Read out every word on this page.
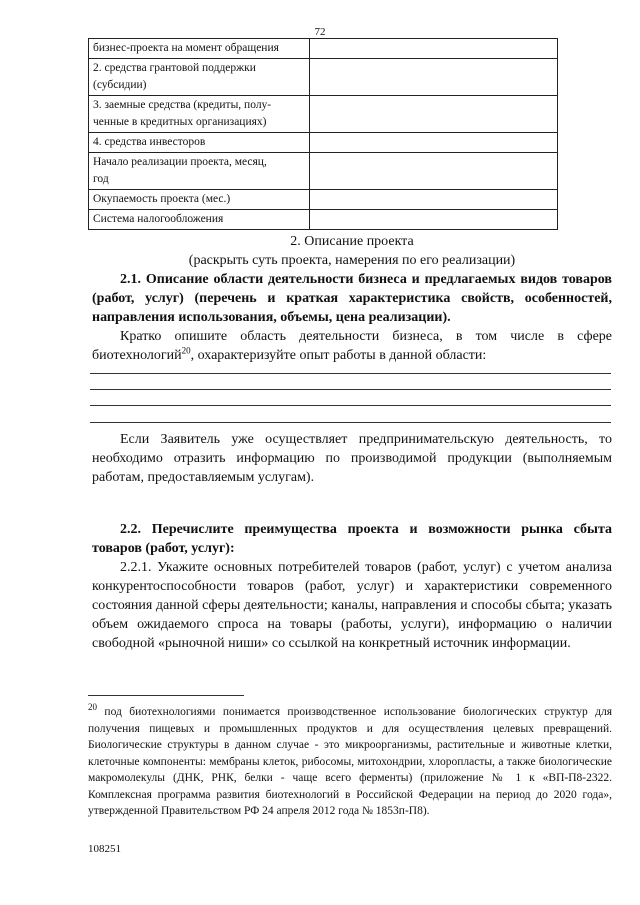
72
бизнес-проекта на момент обращения	
2. средства грантовой поддержки
(субсидии)	
3. заемные средства (кредиты, полу-
ченные в кредитных организациях)	
4. средства инвесторов	
Начало реализации проекта, месяц,
год	
Окупаемость проекта (мес.)	
Система налогообложения	
2. Описание проекта
(раскрыть суть проекта, намерения по его реализации)
2.1. Описание области деятельности бизнеса и предлагаемых видов товаров (работ, услуг) (перечень и краткая характеристика свойств, особенностей, направления использования, объемы, цена реализации).
Кратко опишите область деятельности бизнеса, в том числе в сфере биотехнологий$^{20}$, охарактеризуйте опыт работы в данной области:
Если Заявитель уже осуществляет предпринимательскую деятельность, то необходимо отразить информацию по производимой продукции (выполняемым работам, предоставляемым услугам).
2.2. Перечислите преимущества проекта и возможности рынка сбыта товаров (работ, услуг):
2.2.1. Укажите основных потребителей товаров (работ, услуг) с учетом анализа конкурентоспособности товаров (работ, услуг) и характеристики современного состояния данной сферы деятельности; каналы, направления и способы сбыта; указать объем ожидаемого спроса на товары (работы, услуги), информацию о наличии свободной «рыночной ниши» со ссылкой на конкретный источник информации.
$^{20}$ под биотехнологиями понимается производственное использование биологических структур для получения пищевых и промышленных продуктов и для осуществления целевых превращений. Биологические структуры в данном случае - это микроорганизмы, растительные и животные клетки, клеточные компоненты: мембраны клеток, рибосомы, митохондрии, хлоропласты, а также биологические макромолекулы (ДНК, РНК, белки - чаще всего ферменты) (приложение № 1 к «ВП-П8-2322. Комплексная программа развития биотехнологий в Российской Федерации на период до 2020 года», утвержденной Правительством РФ 24 апреля 2012 года № 1853п-П8).
108251
